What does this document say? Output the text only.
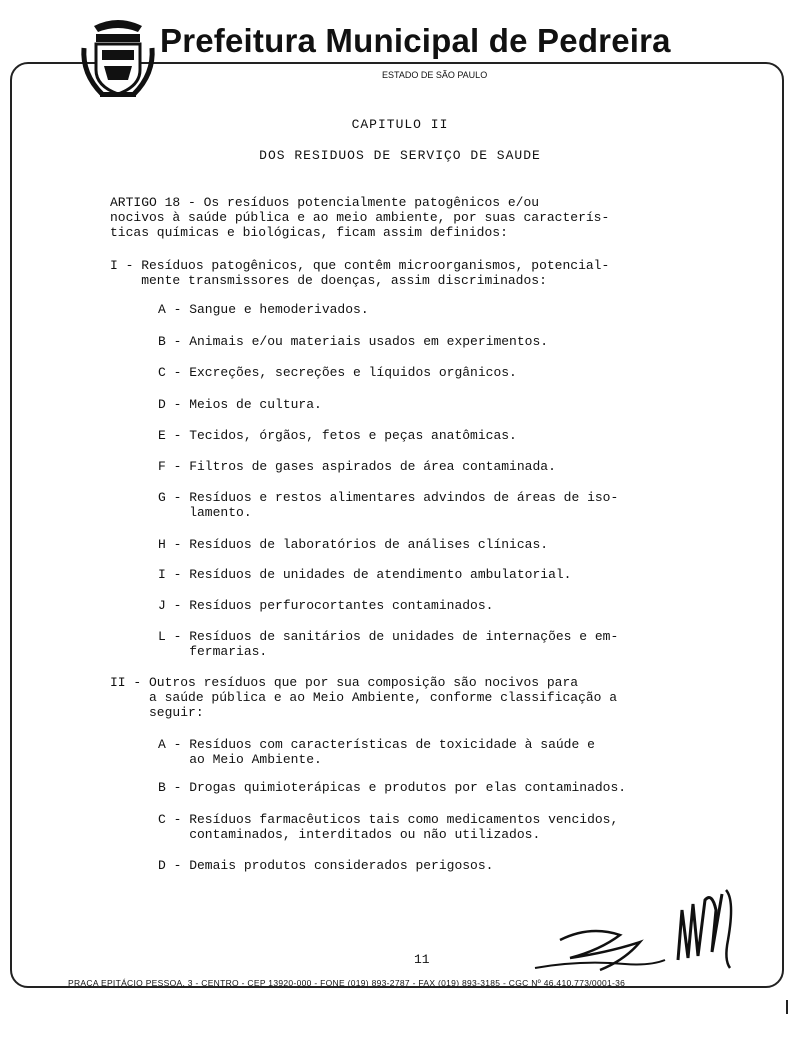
Prefeitura Municipal de Pedreira
ESTADO DE SÃO PAULO
CAPITULO II
DOS RESIDUOS DE SERVIÇO DE SAUDE

ARTIGO 18 - Os resíduos potencialmente patogênicos e/ou
nocivos à saúde pública e ao meio ambiente, por suas caracterís-
ticas químicas e biológicas, ficam assim definidos:

I - Resíduos patogênicos, que contêm microorganismos, potencial-
mente transmissores de doenças, assim discriminados:

A - Sangue e hemoderivados.

B - Animais e/ou materiais usados em experimentos.

C - Excreções, secreções e líquidos orgânicos.

D - Meios de cultura.

E - Tecidos, órgãos, fetos e peças anatômicas.

F - Filtros de gases aspirados de área contaminada.

G - Resíduos e restos alimentares advindos de áreas de iso-
lamento.

H - Resíduos de laboratórios de análises clínicas.

I - Resíduos de unidades de atendimento ambulatorial.

J - Resíduos perfurocortantes contaminados.

L - Resíduos de sanitários de unidades de internações e em-
fermarias.

II - Outros resíduos que por sua composição são nocivos para
a saúde pública e ao Meio Ambiente, conforme classificação a
seguir:

A - Resíduos com características de toxicidade à saúde e
ao Meio Ambiente.

B - Drogas quimioterápicas e produtos por elas contaminados.

C - Resíduos farmacêuticos tais como medicamentos vencidos,
contaminados, interditados ou não utilizados.

D - Demais produtos considerados perigosos.

11
PRAÇA EPITÁCIO PESSOA, 3 - CENTRO - CEP 13920-000 - FONE (019) 893-2787 - FAX (019) 893-3185 - CGC Nº 46.410.773/0001-36
